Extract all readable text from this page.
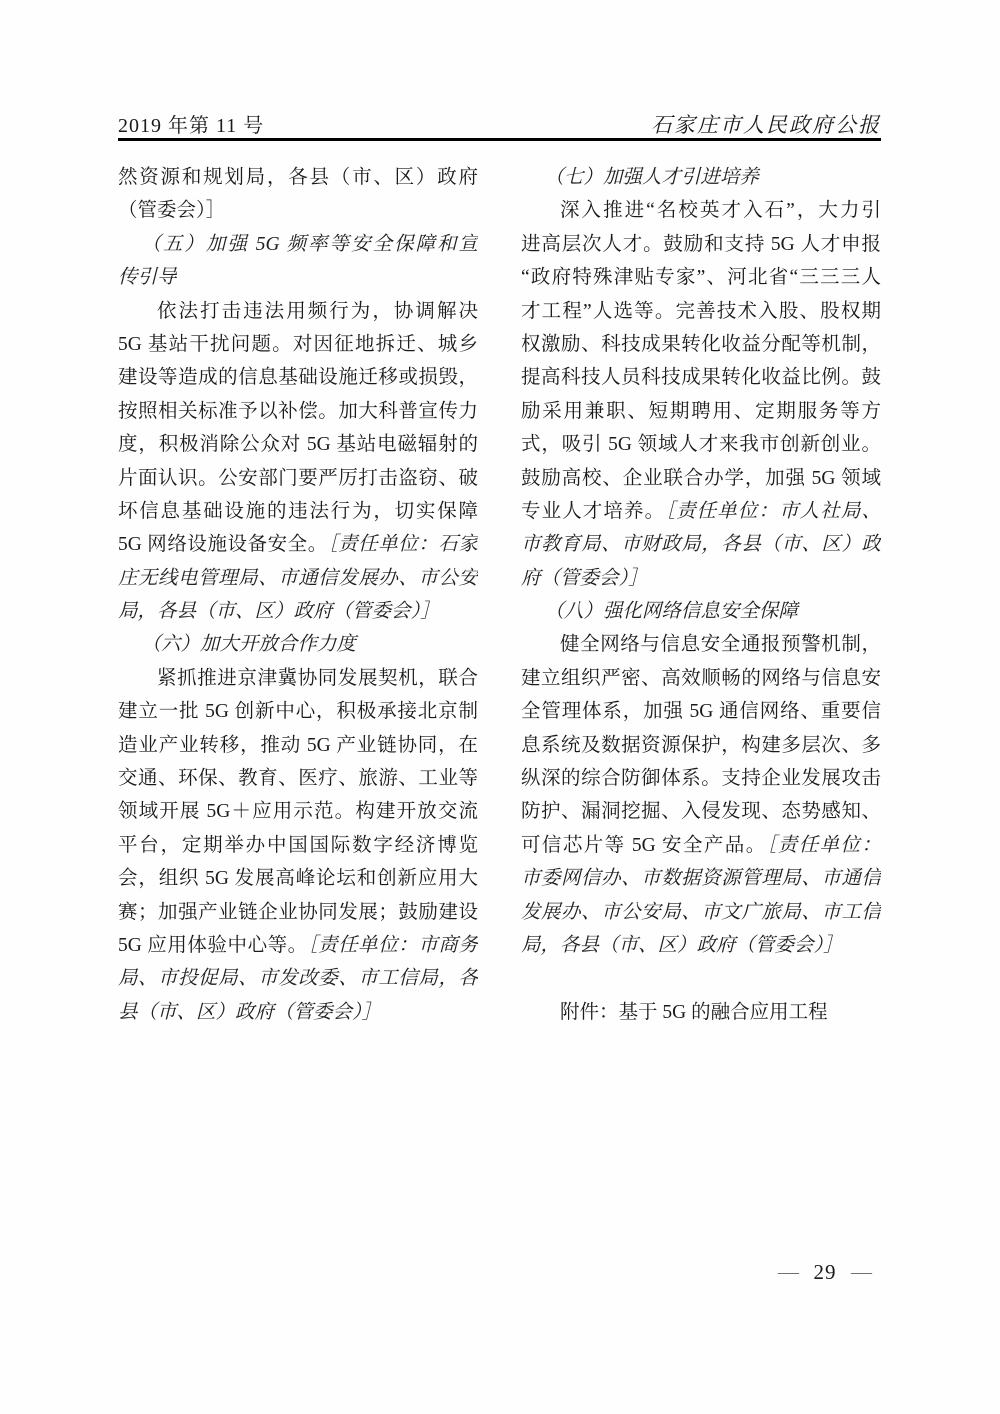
2019 年第 11 号	石家庄市人民政府公报
然资源和规划局，各县（市、区）政府
（管委会）］
（五）加强 5G 频率等安全保障和宣
传引导
依法打击违法用频行为，协调解决
5G 基站干扰问题。对因征地拆迁、城乡
建设等造成的信息基础设施迁移或损毁，
按照相关标准予以补偿。加大科普宣传力
度，积极消除公众对 5G 基站电磁辐射的
片面认识。公安部门要严厉打击盗窃、破
坏信息基础设施的违法行为，切实保障
5G 网络设施设备安全。［责任单位：石家
庄无线电管理局、市通信发展办、市公安
局，各县（市、区）政府（管委会）］
（六）加大开放合作力度
紧抓推进京津冀协同发展契机，联合
建立一批 5G 创新中心，积极承接北京制
造业产业转移，推动 5G 产业链协同，在
交通、环保、教育、医疗、旅游、工业等
领域开展 5G＋应用示范。构建开放交流
平台，定期举办中国国际数字经济博览
会，组织 5G 发展高峰论坛和创新应用大
赛；加强产业链企业协同发展；鼓励建设
5G 应用体验中心等。［责任单位：市商务
局、市投促局、市发改委、市工信局，各
县（市、区）政府（管委会）］
（七）加强人才引进培养
深入推进“名校英才入石”，大力引
进高层次人才。鼓励和支持 5G 人才申报
“政府特殊津贴专家”、河北省“三三三人
才工程”人选等。完善技术入股、股权期
权激励、科技成果转化收益分配等机制，
提高科技人员科技成果转化收益比例。鼓
励采用兼职、短期聘用、定期服务等方
式，吸引 5G 领域人才来我市创新创业。
鼓励高校、企业联合办学，加强 5G 领域
专业人才培养。［责任单位：市人社局、
市教育局、市财政局，各县（市、区）政
府（管委会）］
（八）强化网络信息安全保障
健全网络与信息安全通报预警机制，
建立组织严密、高效顺畅的网络与信息安
全管理体系，加强 5G 通信网络、重要信
息系统及数据资源保护，构建多层次、多
纵深的综合防御体系。支持企业发展攻击
防护、漏洞挖掘、入侵发现、态势感知、
可信芯片等 5G 安全产品。［责任单位：
市委网信办、市数据资源管理局、市通信
发展办、市公安局、市文广旅局、市工信
局，各县（市、区）政府（管委会）］
附件：基于 5G 的融合应用工程
— 29 —
